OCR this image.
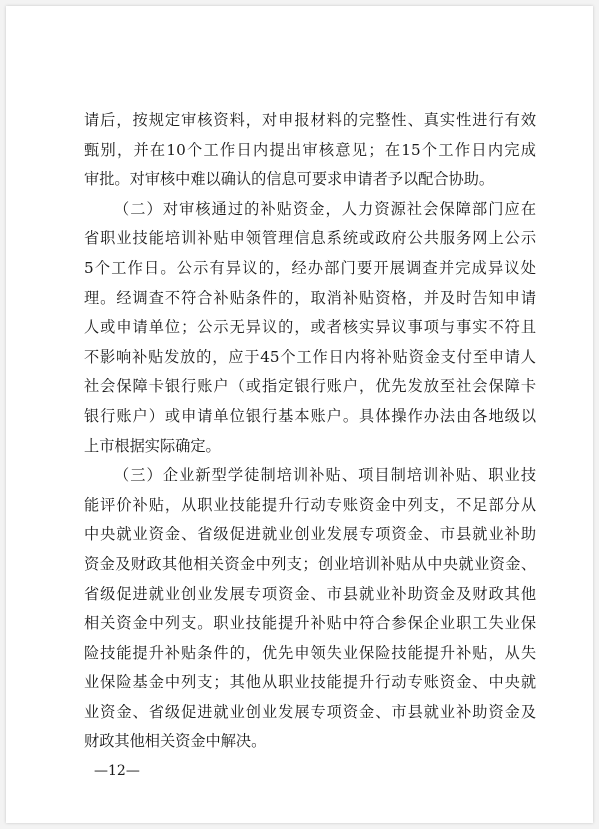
请后，按规定审核资料，对申报材料的完整性、真实性进行有效
甄别，并在10个工作日内提出审核意见；在15个工作日内完成
审批。对审核中难以确认的信息可要求申请者予以配合协助。
（二）对审核通过的补贴资金，人力资源社会保障部门应在
省职业技能培训补贴申领管理信息系统或政府公共服务网上公示
5个工作日。公示有异议的，经办部门要开展调查并完成异议处
理。经调查不符合补贴条件的，取消补贴资格，并及时告知申请
人或申请单位；公示无异议的，或者核实异议事项与事实不符且
不影响补贴发放的，应于45个工作日内将补贴资金支付至申请人
社会保障卡银行账户（或指定银行账户，优先发放至社会保障卡
银行账户）或申请单位银行基本账户。具体操作办法由各地级以
上市根据实际确定。
（三）企业新型学徒制培训补贴、项目制培训补贴、职业技
能评价补贴，从职业技能提升行动专账资金中列支，不足部分从
中央就业资金、省级促进就业创业发展专项资金、市县就业补助
资金及财政其他相关资金中列支；创业培训补贴从中央就业资金、
省级促进就业创业发展专项资金、市县就业补助资金及财政其他
相关资金中列支。职业技能提升补贴中符合参保企业职工失业保
险技能提升补贴条件的，优先申领失业保险技能提升补贴，从失
业保险基金中列支；其他从职业技能提升行动专账资金、中央就
业资金、省级促进就业创业发展专项资金、市县就业补助资金及
财政其他相关资金中解决。
—12—
